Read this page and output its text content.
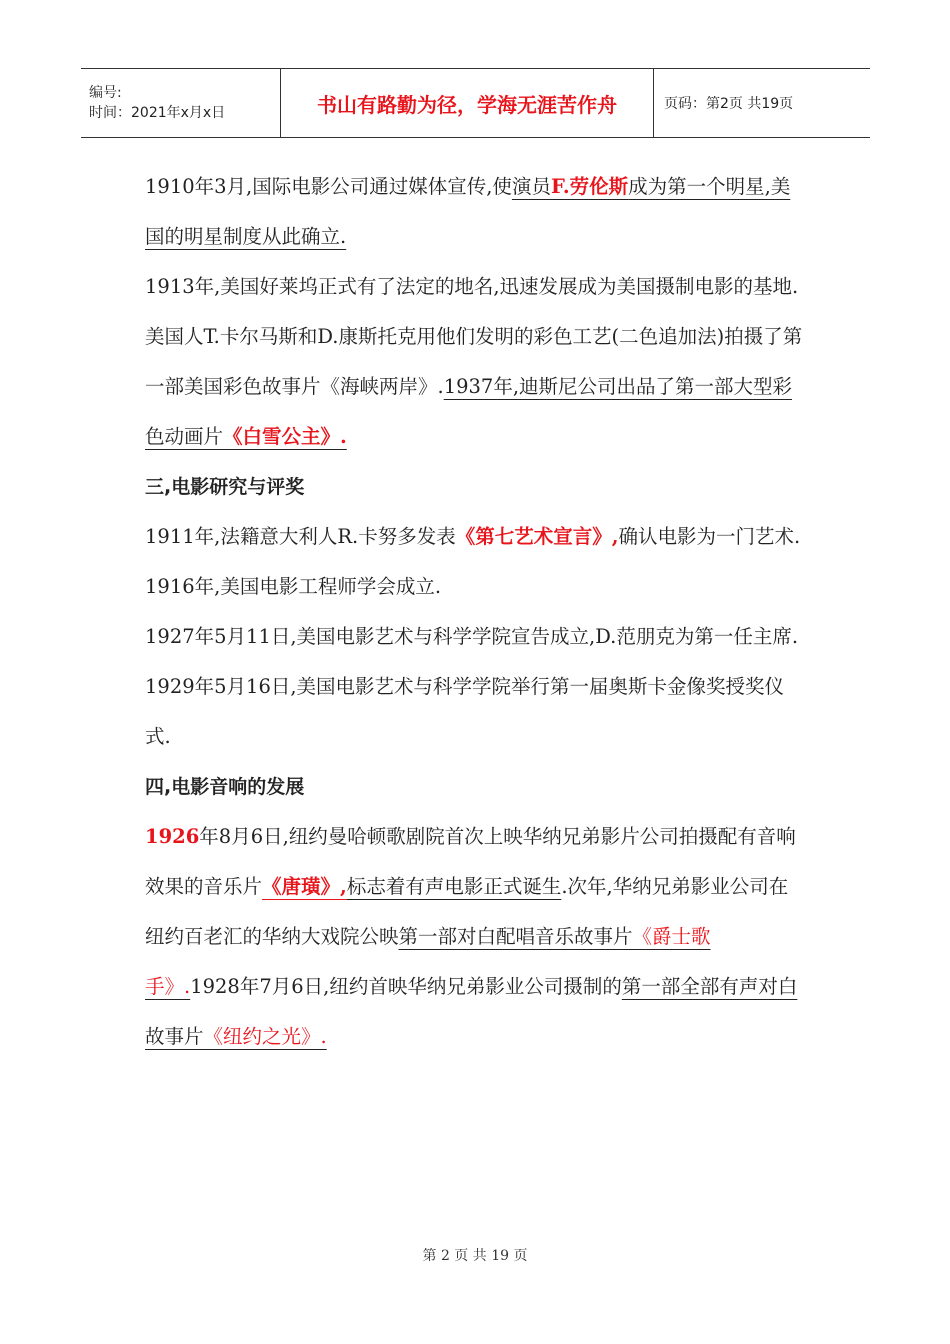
编号:
时间：2021年x月x日	书山有路勤为径，学海无涯苦作舟	页码：第2页 共19页

1910年3月,国际电影公司通过媒体宣传,使演员F.劳伦斯成为第一个明星,美国的明星制度从此确立.

1913年,美国好莱坞正式有了法定的地名,迅速发展成为美国摄制电影的基地.

美国人T.卡尔马斯和D.康斯托克用他们发明的彩色工艺(二色追加法)拍摄了第一部美国彩色故事片《海峡两岸》.1937年,迪斯尼公司出品了第一部大型彩色动画片《白雪公主》.

三,电影研究与评奖

1911年,法籍意大利人R.卡努多发表《第七艺术宣言》,确认电影为一门艺术.

1916年,美国电影工程师学会成立.

1927年5月11日,美国电影艺术与科学学院宣告成立,D.范朋克为第一任主席.

1929年5月16日,美国电影艺术与科学学院举行第一届奥斯卡金像奖授奖仪式.

四,电影音响的发展

1926年8月6日,纽约曼哈顿歌剧院首次上映华纳兄弟影片公司拍摄配有音响效果的音乐片《唐璜》,标志着有声电影正式诞生.次年,华纳兄弟影业公司在纽约百老汇的华纳大戏院公映第一部对白配唱音乐故事片《爵士歌手》.1928年7月6日,纽约首映华纳兄弟影业公司摄制的第一部全部有声对白故事片《纽约之光》.

第 2 页 共 19 页
